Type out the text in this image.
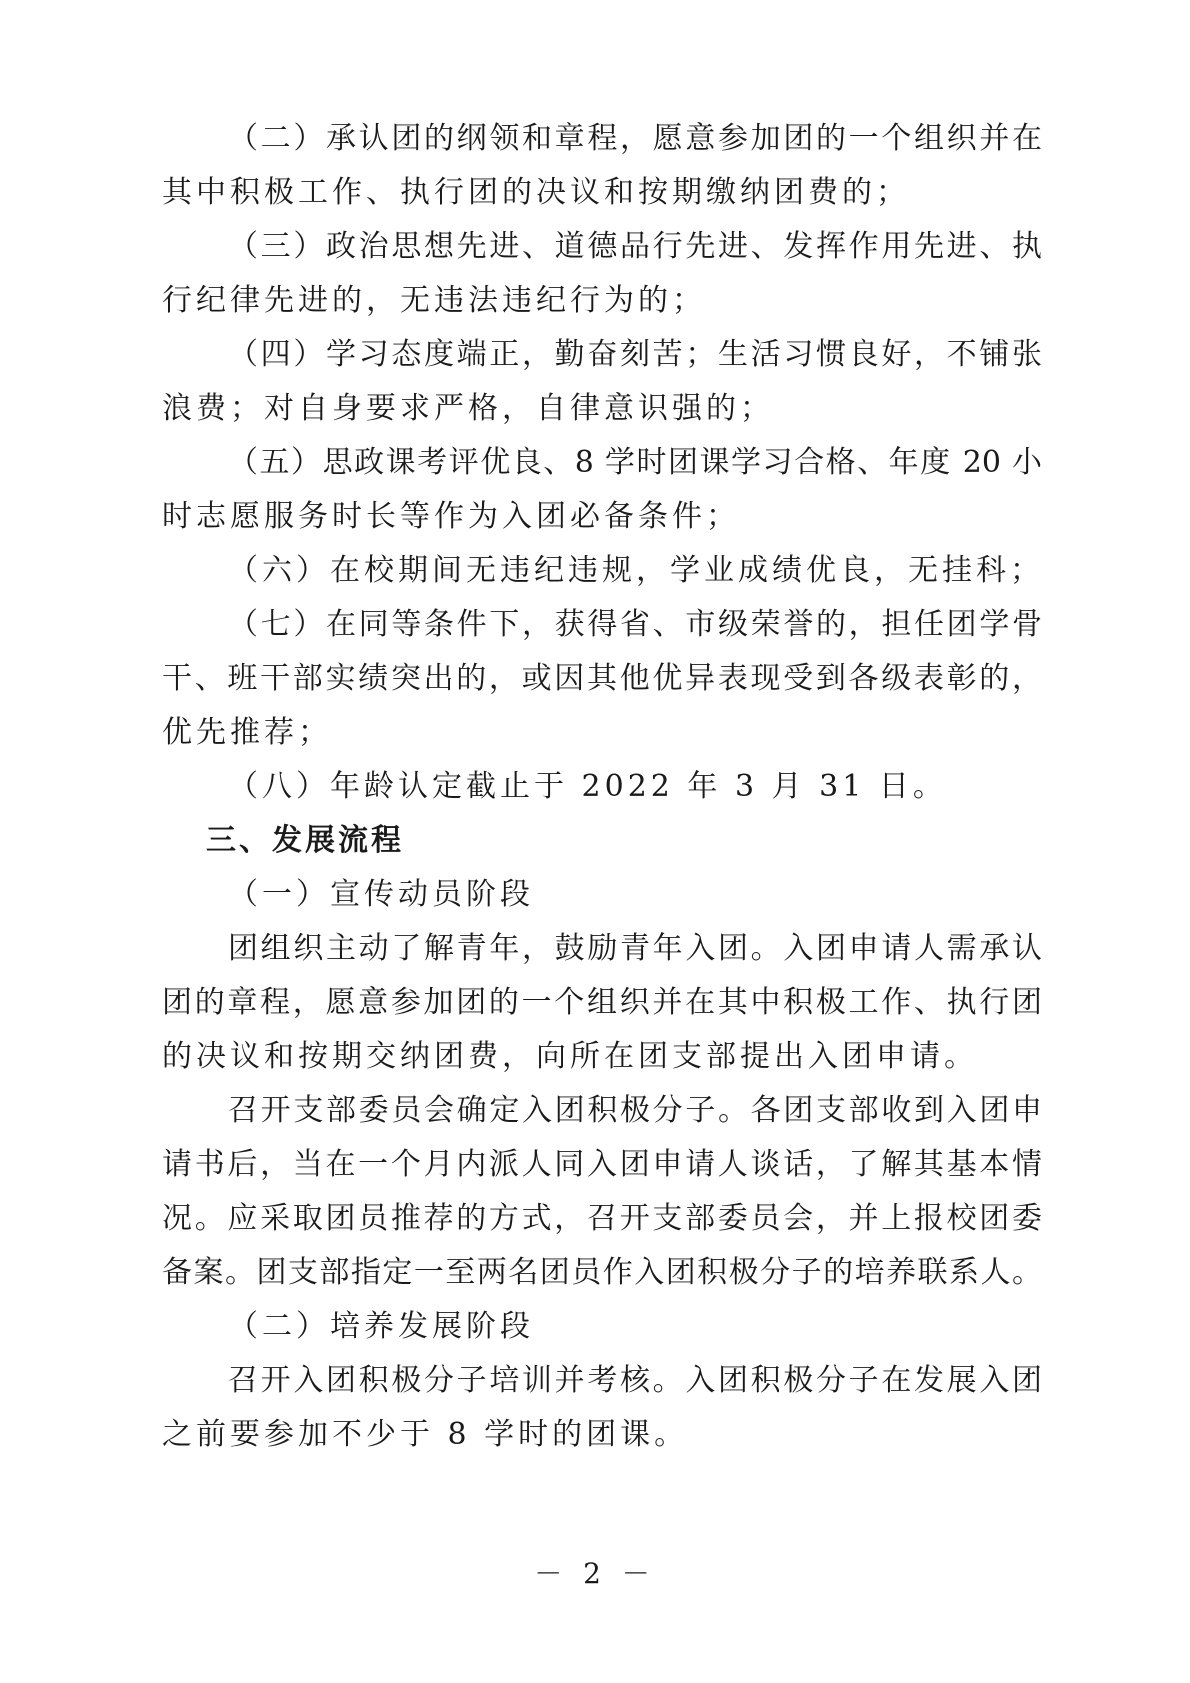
（二）承认团的纲领和章程，愿意参加团的一个组织并在
其中积极工作、执行团的决议和按期缴纳团费的；
（三）政治思想先进、道德品行先进、发挥作用先进、执
行纪律先进的，无违法违纪行为的；
（四）学习态度端正，勤奋刻苦；生活习惯良好，不铺张
浪费；对自身要求严格，自律意识强的；
（五）思政课考评优良、8 学时团课学习合格、年度 20 小
时志愿服务时长等作为入团必备条件；
（六）在校期间无违纪违规，学业成绩优良，无挂科；
（七）在同等条件下，获得省、市级荣誉的，担任团学骨
干、班干部实绩突出的，或因其他优异表现受到各级表彰的，
优先推荐；
（八）年龄认定截止于 2022 年 3 月 31 日。
三、发展流程
（一）宣传动员阶段
团组织主动了解青年，鼓励青年入团。入团申请人需承认
团的章程，愿意参加团的一个组织并在其中积极工作、执行团
的决议和按期交纳团费，向所在团支部提出入团申请。
召开支部委员会确定入团积极分子。各团支部收到入团申
请书后，当在一个月内派人同入团申请人谈话，了解其基本情
况。应采取团员推荐的方式，召开支部委员会，并上报校团委
备案。团支部指定一至两名团员作入团积极分子的培养联系人。
（二）培养发展阶段
召开入团积极分子培训并考核。入团积极分子在发展入团
之前要参加不少于 8 学时的团课。
－ 2 －
